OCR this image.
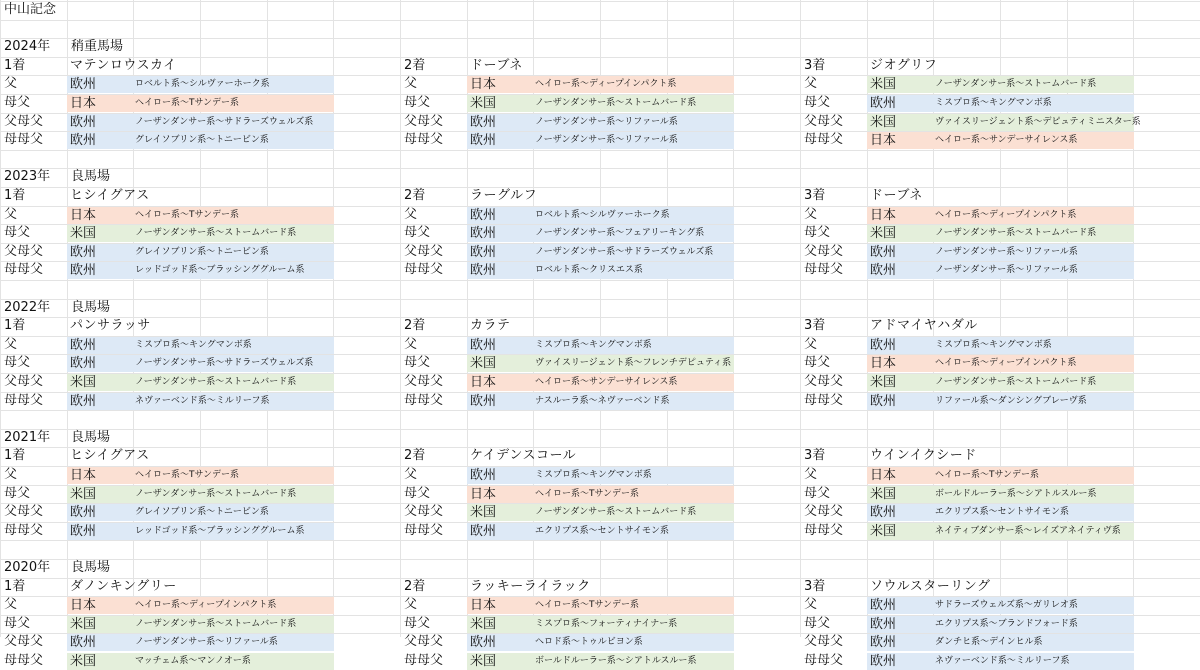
中山記念
2024年 稍重馬場
1着	マテンロウスカイ
父	欧州	ロベルト系～シルヴァーホーク系
母父	日本	ヘイロー系～Tサンデー系
父母父 欧州	ノーザンダンサー系～サドラーズウェルズ系
母母父 欧州	グレイソブリン系～トニービン系
2着	ドーブネ
父	日本	ヘイロー系～ディープインパクト系
母父	米国	ノーザンダンサー系～ストームバード系
父母父 欧州	ノーザンダンサー系～リファール系
母母父 欧州	ノーザンダンサー系～リファール系
3着	ジオグリフ
父	米国	ノーザンダンサー系～ストームバード系
母父	欧州	ミスプロ系～キングマンボ系
父母父 米国	ヴァイスリージェント系～デピュティミニスター系
母母父 日本	ヘイロー系～サンデーサイレンス系
2023年 良馬場
1着	ヒシイグアス
父	日本	ヘイロー系～Tサンデー系
母父	米国	ノーザンダンサー系～ストームバード系
父母父 欧州	グレイソブリン系～トニービン系
母母父 欧州	レッドゴッド系～ブラッシンググルーム系
2着	ラーグルフ
父	欧州	ロベルト系～シルヴァーホーク系
母父	欧州	ノーザンダンサー系～フェアリーキング系
父母父 欧州	ノーザンダンサー系～サドラーズウェルズ系
母母父 欧州	ロベルト系～クリスエス系
3着	ドーブネ
父	日本	ヘイロー系～ディープインパクト系
母父	米国	ノーザンダンサー系～ストームバード系
父母父 欧州	ノーザンダンサー系～リファール系
母母父 欧州	ノーザンダンサー系～リファール系
2022年 良馬場
1着	パンサラッサ
父	欧州	ミスプロ系～キングマンボ系
母父	欧州	ノーザンダンサー系～サドラーズウェルズ系
父母父 米国	ノーザンダンサー系～ストームバード系
母母父 欧州	ネヴァーベンド系～ミルリーフ系
2着	カラテ
父	欧州	ミスプロ系～キングマンボ系
母父	米国	ヴァイスリージェント系～フレンチデピュティ系
父母父 日本	ヘイロー系～サンデーサイレンス系
母母父 欧州	ナスルーラ系～ネヴァーベンド系
3着	アドマイヤハダル
父	欧州	ミスプロ系～キングマンボ系
母父	日本	ヘイロー系～ディープインパクト系
父母父 米国	ノーザンダンサー系～ストームバード系
母母父 欧州	リファール系～ダンシングブレーヴ系
2021年 良馬場
1着	ヒシイグアス
父	日本	ヘイロー系～Tサンデー系
母父	米国	ノーザンダンサー系～ストームバード系
父母父 欧州	グレイソブリン系～トニービン系
母母父 欧州	レッドゴッド系～ブラッシンググルーム系
2着	ケイデンスコール
父	欧州	ミスプロ系～キングマンボ系
母父	日本	ヘイロー系～Tサンデー系
父母父 米国	ノーザンダンサー系～ストームバード系
母母父 欧州	エクリプス系～セントサイモン系
3着	ウインイクシード
父	日本	ヘイロー系～Tサンデー系
母父	米国	ボールドルーラー系～シアトルスルー系
父母父 欧州	エクリプス系～セントサイモン系
母母父 米国	ネイティブダンサー系～レイズアネイティヴ系
2020年 良馬場
1着	ダノンキングリー
父	日本	ヘイロー系～ディープインパクト系
母父	米国	ノーザンダンサー系～ストームバード系
父母父 欧州	ノーザンダンサー系～リファール系
母母父 米国	マッチェム系～マンノオー系
2着	ラッキーライラック
父	日本	ヘイロー系～Tサンデー系
母父	米国	ミスプロ系～フォーティナイナー系
父母父 欧州	ヘロド系～トゥルビヨン系
母母父 米国	ボールドルーラー系～シアトルスルー系
3着	ソウルスターリング
父	欧州	サドラーズウェルズ系～ガリレオ系
母父	欧州	エクリプス系～ブランドフォード系
父母父 欧州	ダンチヒ系～デインヒル系
母母父 欧州	ネヴァーベンド系～ミルリーフ系
